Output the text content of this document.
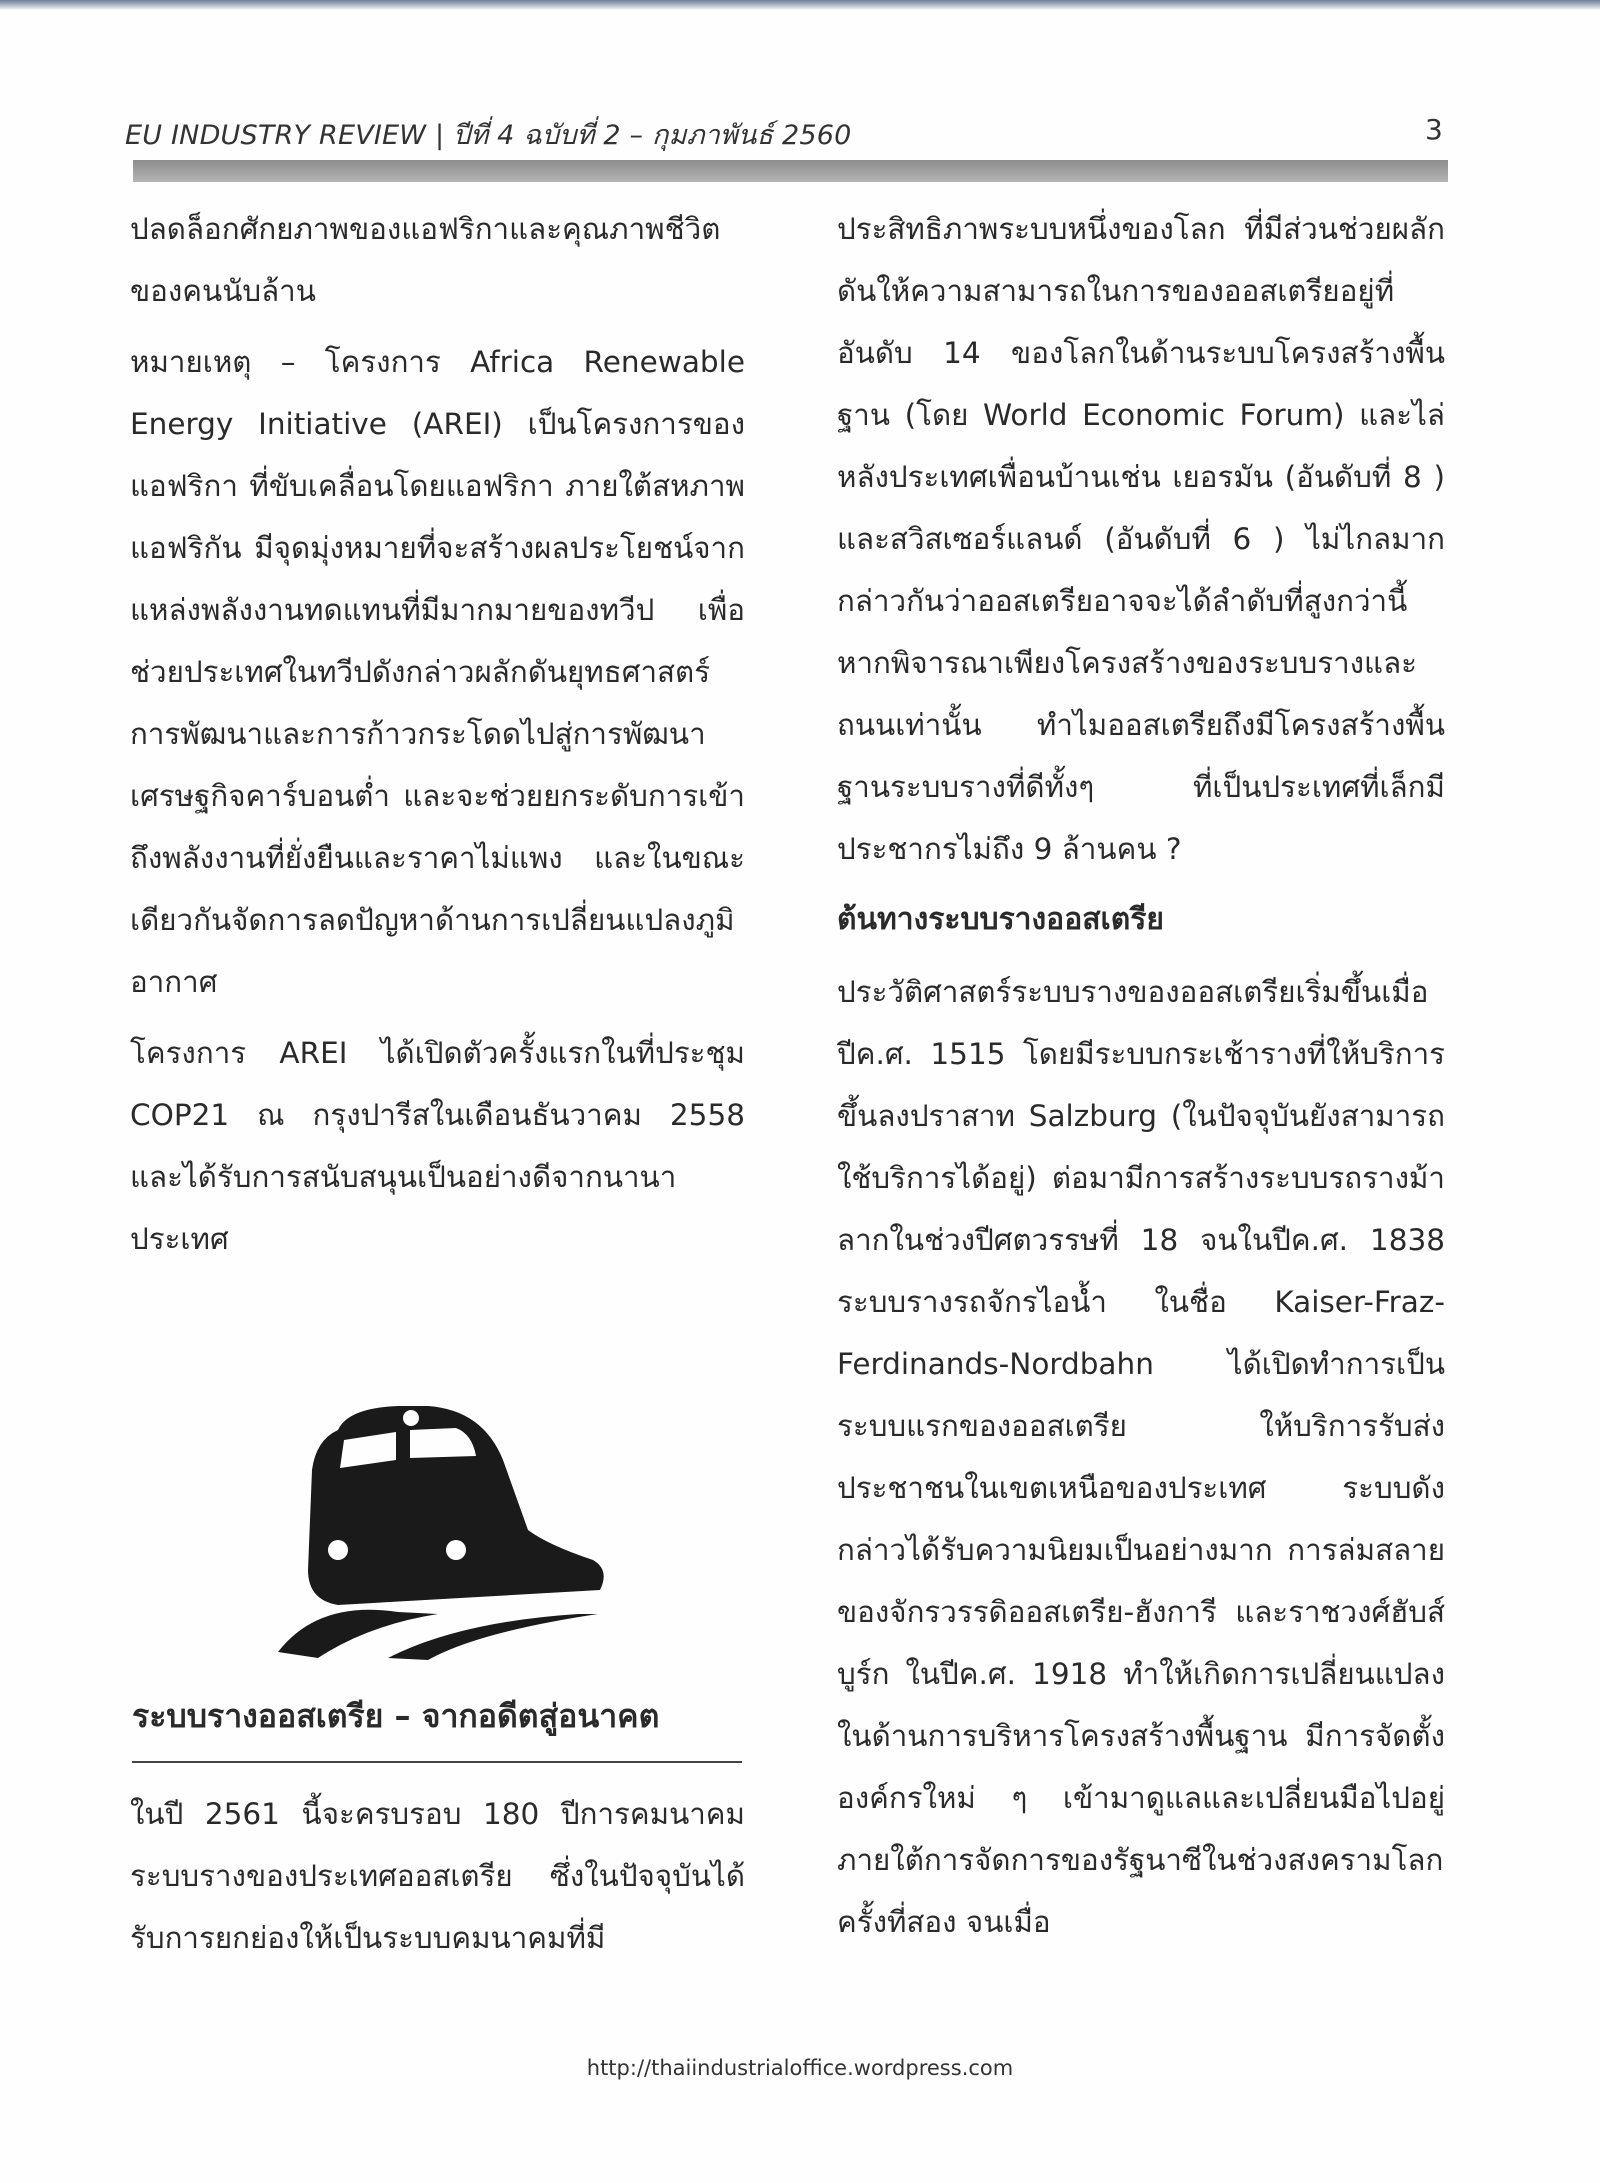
EU INDUSTRY REVIEW | ปีที่ 4 ฉบับที่ 2 – กุมภาพันธ์ 2560	3

ปลดล็อกศักยภาพของแอฟริกาและคุณภาพชีวิตของคนนับล้าน

หมายเหตุ – โครงการ Africa Renewable Energy Initiative (AREI) เป็นโครงการของแอฟริกา ที่ขับเคลื่อนโดยแอฟริกา ภายใต้สหภาพแอฟริกัน มีจุดมุ่งหมายที่จะสร้างผลประโยชน์จากแหล่งพลังงานทดแทนที่มีมากมายของทวีป เพื่อช่วยประเทศในทวีปดังกล่าวผลักดันยุทธศาสตร์การพัฒนาและการก้าวกระโดดไปสู่การพัฒนาเศรษฐกิจคาร์บอนต่ำ และจะช่วยยกระดับการเข้าถึงพลังงานที่ยั่งยืนและราคาไม่แพง และในขณะเดียวกันจัดการลดปัญหาด้านการเปลี่ยนแปลงภูมิอากาศ

โครงการ AREI ได้เปิดตัวครั้งแรกในที่ประชุม COP21 ณ กรุงปารีสในเดือนธันวาคม 2558 และได้รับการสนับสนุนเป็นอย่างดีจากนานาประเทศ

ระบบรางออสเตรีย – จากอดีตสู่อนาคต

ในปี 2561 นี้จะครบรอบ 180 ปีการคมนาคมระบบรางของประเทศออสเตรีย ซึ่งในปัจจุบันได้รับการยกย่องให้เป็นระบบคมนาคมที่มี

ประสิทธิภาพระบบหนึ่งของโลก ที่มีส่วนช่วยผลักดันให้ความสามารถในการของออสเตรียอยู่ที่อันดับ 14 ของโลกในด้านระบบโครงสร้างพื้นฐาน (โดย World Economic Forum) และไล่หลังประเทศเพื่อนบ้านเช่น เยอรมัน (อันดับที่ 8 ) และสวิสเซอร์แลนด์ (อันดับที่ 6 ) ไม่ไกลมาก กล่าวกันว่าออสเตรียอาจจะได้ลำดับที่สูงกว่านี้หากพิจารณาเพียงโครงสร้างของระบบรางและถนนเท่านั้น ทำไมออสเตรียถึงมีโครงสร้างพื้นฐานระบบรางที่ดีทั้งๆ ที่เป็นประเทศที่เล็กมีประชากรไม่ถึง 9 ล้านคน ?

ต้นทางระบบรางออสเตรีย

ประวัติศาสตร์ระบบรางของออสเตรียเริ่มขึ้นเมื่อปีค.ศ. 1515 โดยมีระบบกระเช้ารางที่ให้บริการขึ้นลงปราสาท Salzburg (ในปัจจุบันยังสามารถใช้บริการได้อยู่) ต่อมามีการสร้างระบบรถรางม้าลากในช่วงปีศตวรรษที่ 18 จนในปีค.ศ. 1838 ระบบรางรถจักรไอน้ำ ในชื่อ Kaiser-Fraz-Ferdinands-Nordbahn ได้เปิดทำการเป็นระบบแรกของออสเตรีย ให้บริการรับส่งประชาชนในเขตเหนือของประเทศ ระบบดังกล่าวได้รับความนิยมเป็นอย่างมาก การล่มสลายของจักรวรรดิออสเตรีย-ฮังการี และราชวงศ์ฮับส์บูร์ก ในปีค.ศ. 1918 ทำให้เกิดการเปลี่ยนแปลงในด้านการบริหารโครงสร้างพื้นฐาน มีการจัดตั้งองค์กรใหม่ ๆ เข้ามาดูแลและเปลี่ยนมือไปอยู่ภายใต้การจัดการของรัฐนาซีในช่วงสงครามโลกครั้งที่สอง จนเมื่อ

http://thaiindustrialoffice.wordpress.com
